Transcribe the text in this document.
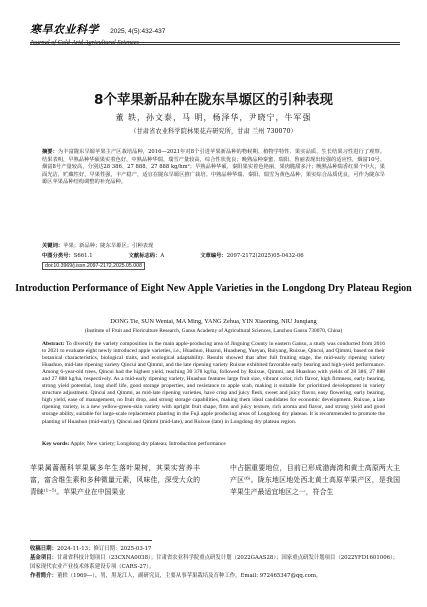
寒旱农业科学 2025, 4(5):432-437
Journal of Cold-Arid Agricultural Sciences
8个苹果新品种在陇东旱塬区的引种表现
董 轶，孙文泰，马 明，杨泽华，尹晓宁，牛军强
（甘肃省农业科学院林果花卉研究所，甘肃 兰州 730070）
摘要：为丰富陇东旱塬苹果主产区栽培品种，2016—2021年对8个引进苹果新品种的物候期、植物学特性、果实品质、生长结果习性进行了观察。结果表明，早熟品种华硕果实着色好，中熟品种华瑞、瑞雪产量较高，综合性状优良；晚熟品种秦蜜、瑞阳、鲁丽表现出较强的适应性，烟富10号、烟富8号产量较高，分别达28 386、27 888、27 888 kg/hm²；早熟品种华硕、秦阳果实着色艳丽，果肉脆甜多汁；晚熟品种瑞香红果个中大，果面光洁，贮藏性好，早果性强，丰产稳产，适宜在陇东旱塬区推广栽培。中熟品种华瑞、秦阳、瑞雪为黄色品种，果实综合品质优良，可作为陇东旱塬区苹果品种结构调整的补充品种。
关键词：苹果；新品种；陇东旱塬区；引种表现
中图分类号：S661.1	文献标志码：A	文章编号：2097-2172(2025)05-0432-06
doi:10.3969/j.issn.2097-2172.2025.05.008
Introduction Performance of Eight New Apple Varieties in the Longdong Dry Plateau Region
DONG Tie, SUN Wentai, MA Ming, YANG Zehua, YIN Xiaoning, NIU Junqiang
(Institute of Fruit and Floriculture Research, Gansu Academy of Agricultural Sciences, Lanzhou Gansu 730070, China)
Abstract: To diversify the variety composition in the main apple-producing area of Jingning County in eastern Gansu, a study was conducted from 2016 to 2021 to evaluate eight newly introduced apple varieties, i.e., Huashuo, Huarui, Huasheng, Yueyan, Ruiyang, Ruixue, Qincui, and Qimmi, based on their botanical characteristics, biological traits, and ecological adaptability. Results showed that after full fruiting stage, the mid-early ripening variety Huashuo, mid-late ripening variety Qincui and Qimmi, and the late ripening variety Ruixue exhibited favorable early bearing and high-yield performance. Among 6-year-old trees, Qincui had the highest yield, reaching 30 378 kg/ha, followed by Ruixue, Qimmi, and Huashuo with yields of 28 386, 27 888 and 27 888 kg/ha, respectively. As a mid-early ripening variety, Huashuo features large fruit size, vibrant color, rich flavor, high firmness, early bearing, strong yield potential, long shelf life, good storage properties, and resistance to apple scab, making it suitable for prioritized development in variety structure adjustment. Qincui and Qimmi, as mid-late ripening varieties, have crisp and juicy flesh, sweet and juicy flavor, easy flowering, early bearing, high yield, ease of management, no fruit drop, and strong storage capabilities, making them ideal candidates for economic development. Ruixue, a late ripening variety, is a new yellow-green-skin variety with upright fruit shape, firm and juicy texture, rich aroma and flavor, and strong yield and good storage ability, suitable for large-scale replacement planting in the Fuji apple producing areas of Longdong dry plateau. It is recommended to promote the planting of Huashuo (mid-early), Qincui and Qimmi (mid-late), and Ruixue (late) in Longdong dry plateau region.
Key words: Apple; New variety; Longdong dry plateau; Introduction performance
苹果属蔷薇科苹果属多年生落叶果树，其果实营养丰富，富含维生素和多种微量元素，风味佳，深受大众的青睐⁽¹⁻⁵⁾。苹果产业在中国果业
中占据重要地位，目前已形成渤海湾和黄土高原两大主产区⁽⁶⁾。陇东地区地处西北黄土高原苹果产区，是我国苹果生产最适宜地区之一，符合生
收稿日期：2024-11-13；修订日期：2025-03-17
基金项目：甘肃省科技计划项目（23CXNA0038）；甘肃省农业科学院重点研发计划（2022GAAS28）；国家重点研发计划项目（2022YFD1601006）；国家现代农业产业技术体系建设专项（CARS-27）。
作者简介：董轶（1969—），男，黑龙江人，副研究员，主要从事苹果栽培及育种工作。Email: 972465347@qq.com。
